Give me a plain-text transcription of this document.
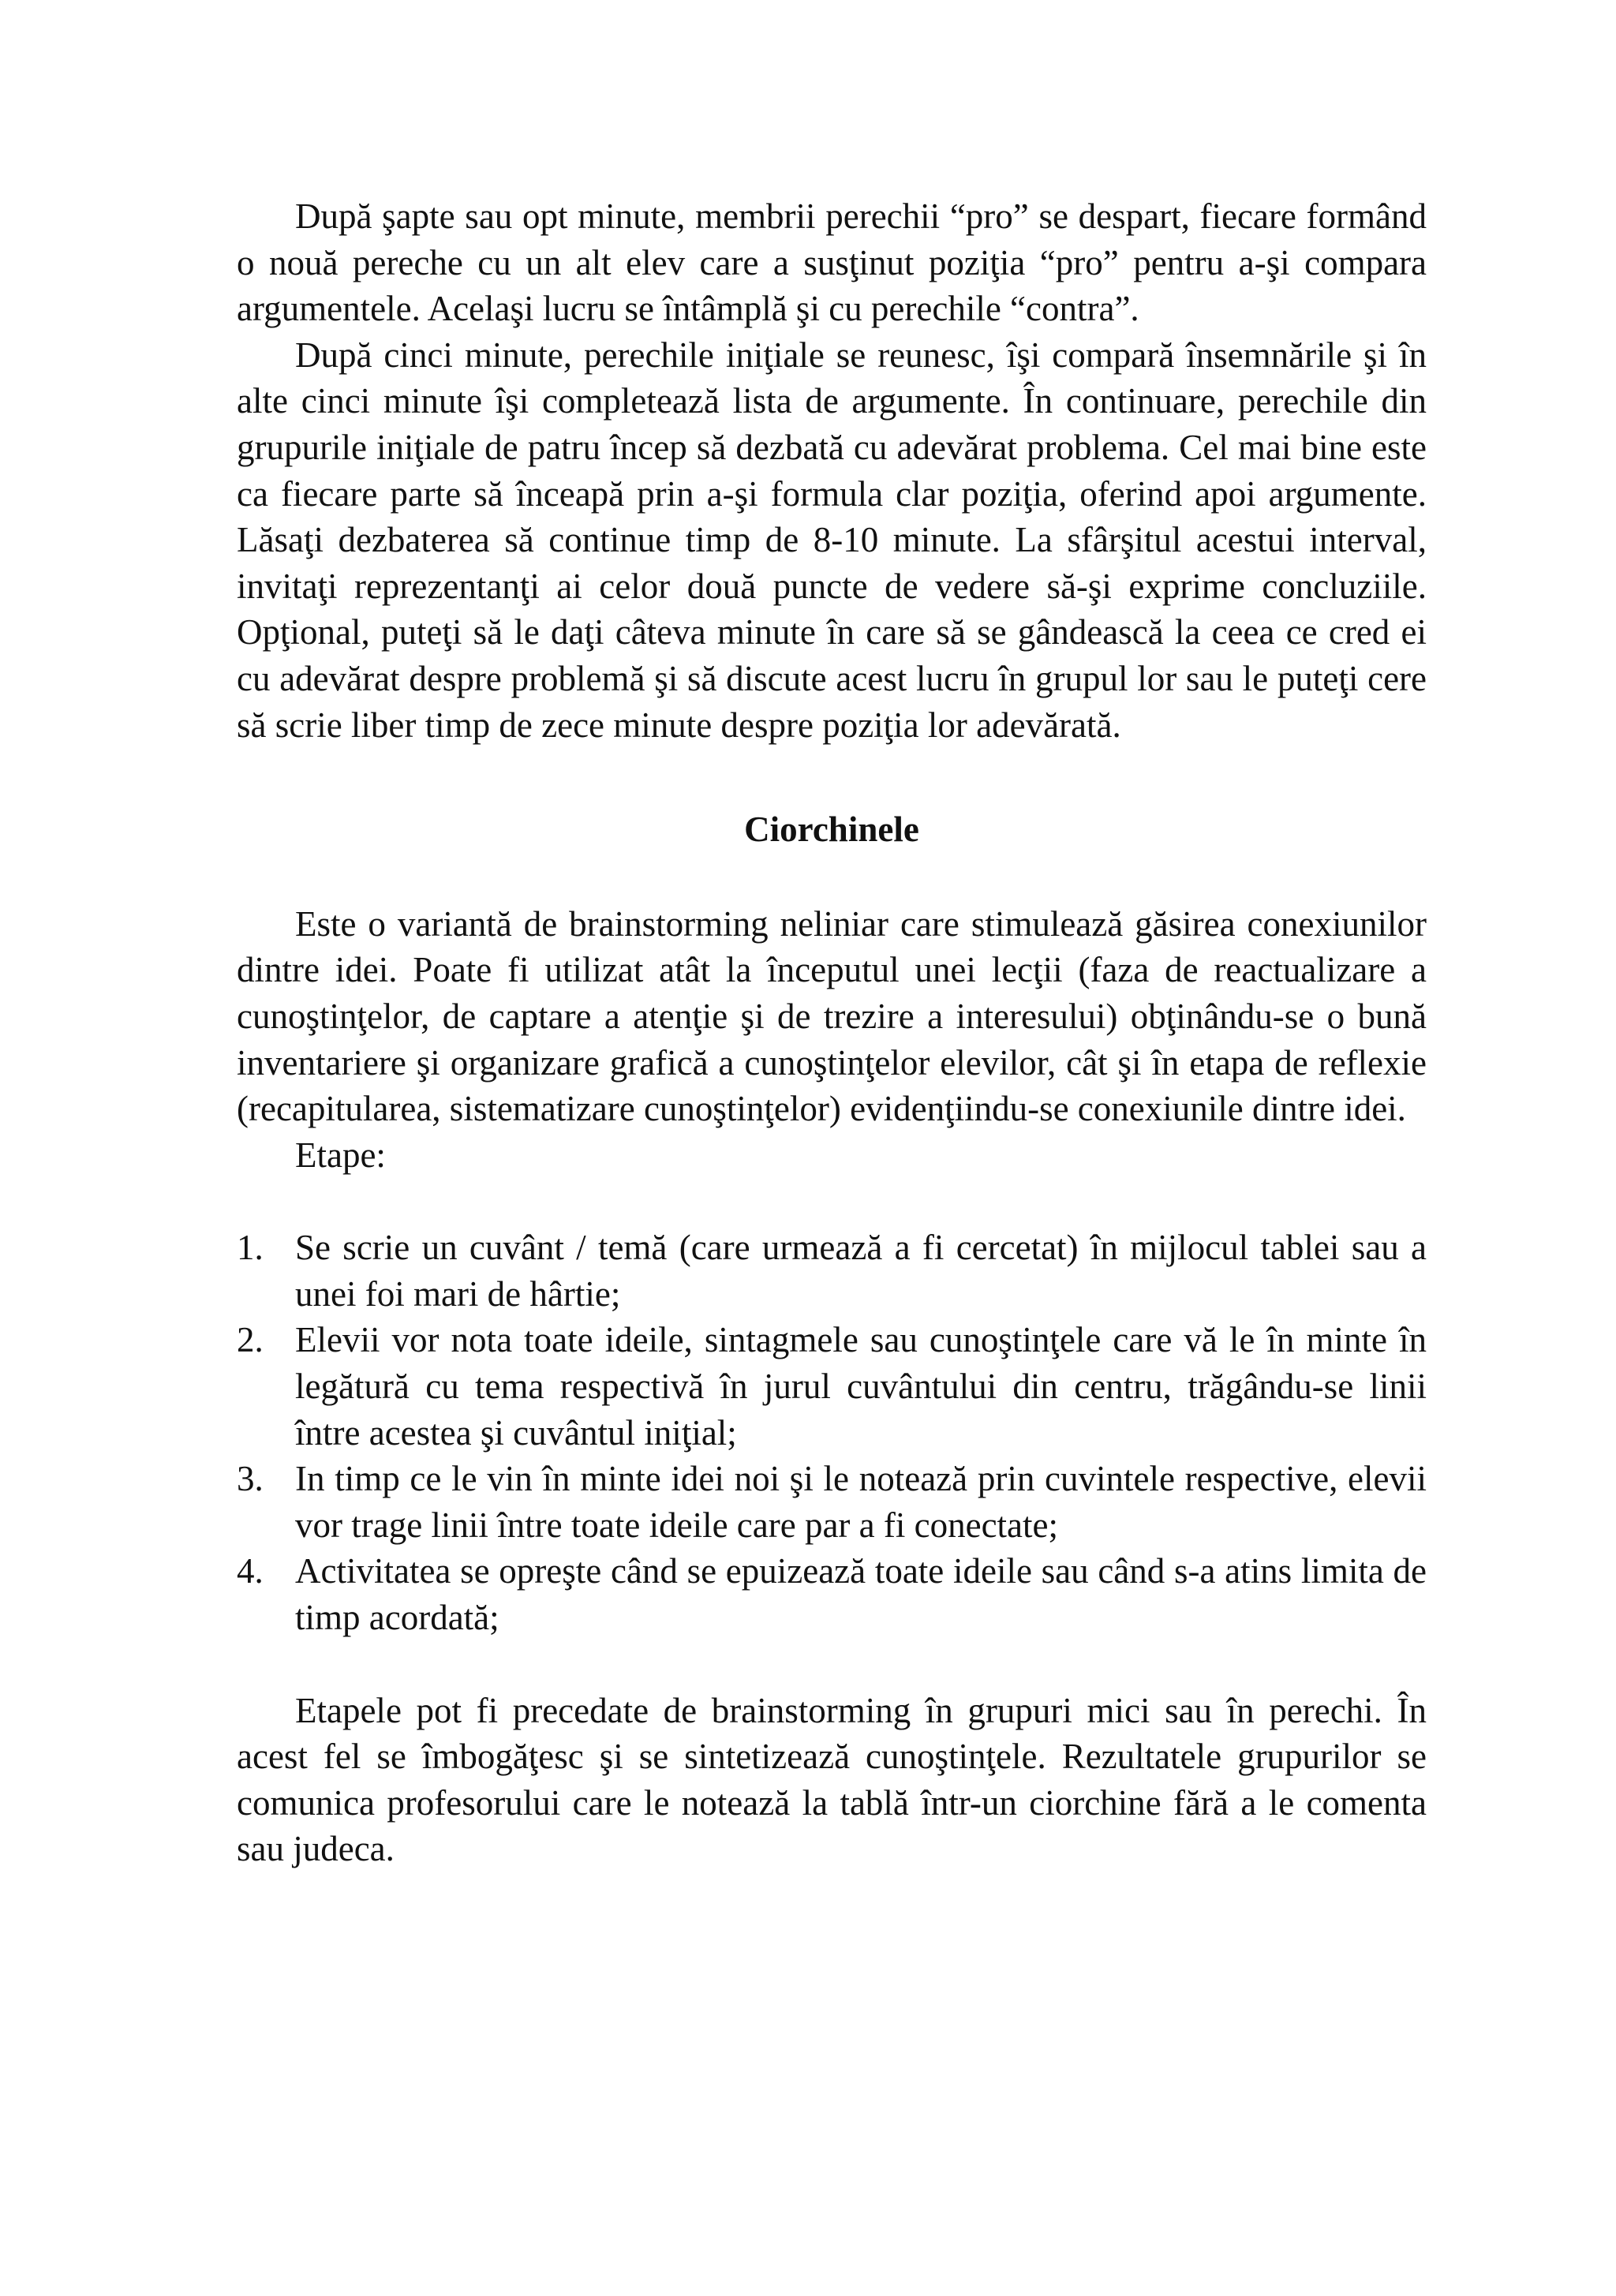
După şapte sau opt minute, membrii perechii “pro” se despart, fiecare formând o nouă pereche cu un alt elev care a susţinut poziţia “pro” pentru a-şi compara argumentele. Acelaşi lucru se întâmplă şi cu perechile “contra”.

După cinci minute, perechile iniţiale se reunesc, îşi compară însemnările şi în alte cinci minute îşi completează lista de argumente. În continuare, perechile din grupurile iniţiale de patru încep să dezbată cu adevărat problema. Cel mai bine este ca fiecare parte să înceapă prin a-şi formula clar poziţia, oferind apoi argumente. Lăsaţi dezbaterea să continue timp de 8-10 minute. La sfârşitul acestui interval, invitaţi reprezentanţi ai celor două puncte de vedere să-şi exprime concluziile. Opţional, puteţi să le daţi câteva minute în care să se gândească la ceea ce cred ei cu adevărat despre problemă şi să discute acest lucru în grupul lor sau le puteţi cere să scrie liber timp de zece minute despre poziţia lor adevărată.

Ciorchinele

Este o variantă de brainstorming neliniar care stimulează găsirea conexiunilor dintre idei. Poate fi utilizat atât la începutul unei lecţii (faza de reactualizare a cunoştinţelor, de captare a atenţie şi de trezire a interesului) obţinându-se o bună inventariere şi organizare grafică a cunoştinţelor elevilor, cât şi în etapa de reflexie (recapitularea, sistematizare cunoştinţelor) evidenţiindu-se conexiunile dintre idei.

Etape:

1. Se scrie un cuvânt / temă (care urmează a fi cercetat) în mijlocul tablei sau a unei foi mari de hârtie;
2. Elevii vor nota toate ideile, sintagmele sau cunoştinţele care vă le în minte în legătură cu tema respectivă în jurul cuvântului din centru, trăgându-se linii între acestea şi cuvântul iniţial;
3. In timp ce le vin în minte idei noi şi le notează prin cuvintele respective, elevii vor trage linii între toate ideile care par a fi conectate;
4. Activitatea se opreşte când se epuizează toate ideile sau când s-a atins limita de timp acordată;

Etapele pot fi precedate de brainstorming în grupuri mici sau în perechi. În acest fel se îmbogăţesc şi se sintetizează cunoştinţele. Rezultatele grupurilor se comunica profesorului care le notează la tablă într-un ciorchine fără a le comenta sau judeca.
